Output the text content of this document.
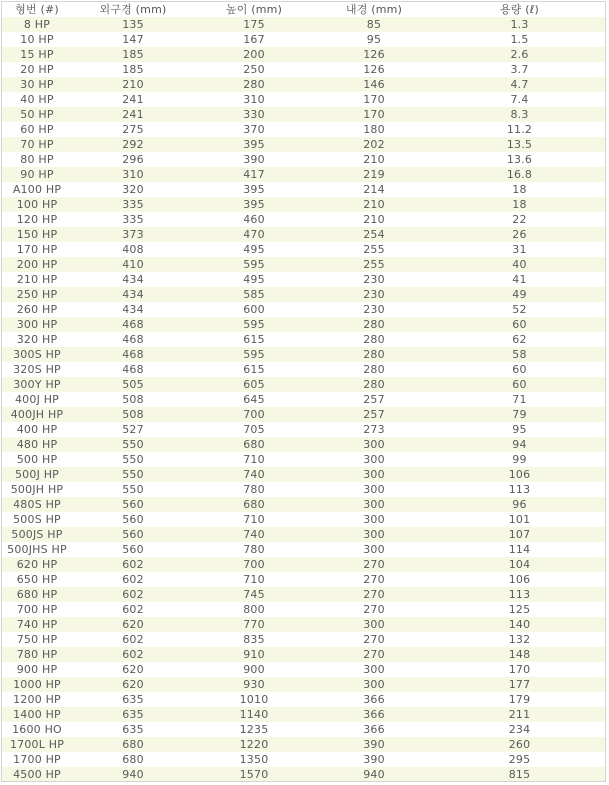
형번 (#)	외구경 (mm)	높이 (mm)	내경 (mm)	용량 (ℓ)
8 HP	135	175	85	1.3
10 HP	147	167	95	1.5
15 HP	185	200	126	2.6
20 HP	185	250	126	3.7
30 HP	210	280	146	4.7
40 HP	241	310	170	7.4
50 HP	241	330	170	8.3
60 HP	275	370	180	11.2
70 HP	292	395	202	13.5
80 HP	296	390	210	13.6
90 HP	310	417	219	16.8
A100 HP	320	395	214	18
100 HP	335	395	210	18
120 HP	335	460	210	22
150 HP	373	470	254	26
170 HP	408	495	255	31
200 HP	410	595	255	40
210 HP	434	495	230	41
250 HP	434	585	230	49
260 HP	434	600	230	52
300 HP	468	595	280	60
320 HP	468	615	280	62
300S HP	468	595	280	58
320S HP	468	615	280	60
300Y HP	505	605	280	60
400J HP	508	645	257	71
400JH HP	508	700	257	79
400 HP	527	705	273	95
480 HP	550	680	300	94
500 HP	550	710	300	99
500J HP	550	740	300	106
500JH HP	550	780	300	113
480S HP	560	680	300	96
500S HP	560	710	300	101
500JS HP	560	740	300	107
500JHS HP	560	780	300	114
620 HP	602	700	270	104
650 HP	602	710	270	106
680 HP	602	745	270	113
700 HP	602	800	270	125
740 HP	620	770	300	140
750 HP	602	835	270	132
780 HP	602	910	270	148
900 HP	620	900	300	170
1000 HP	620	930	300	177
1200 HP	635	1010	366	179
1400 HP	635	1140	366	211
1600 HO	635	1235	366	234
1700L HP	680	1220	390	260
1700 HP	680	1350	390	295
4500 HP	940	1570	940	815
